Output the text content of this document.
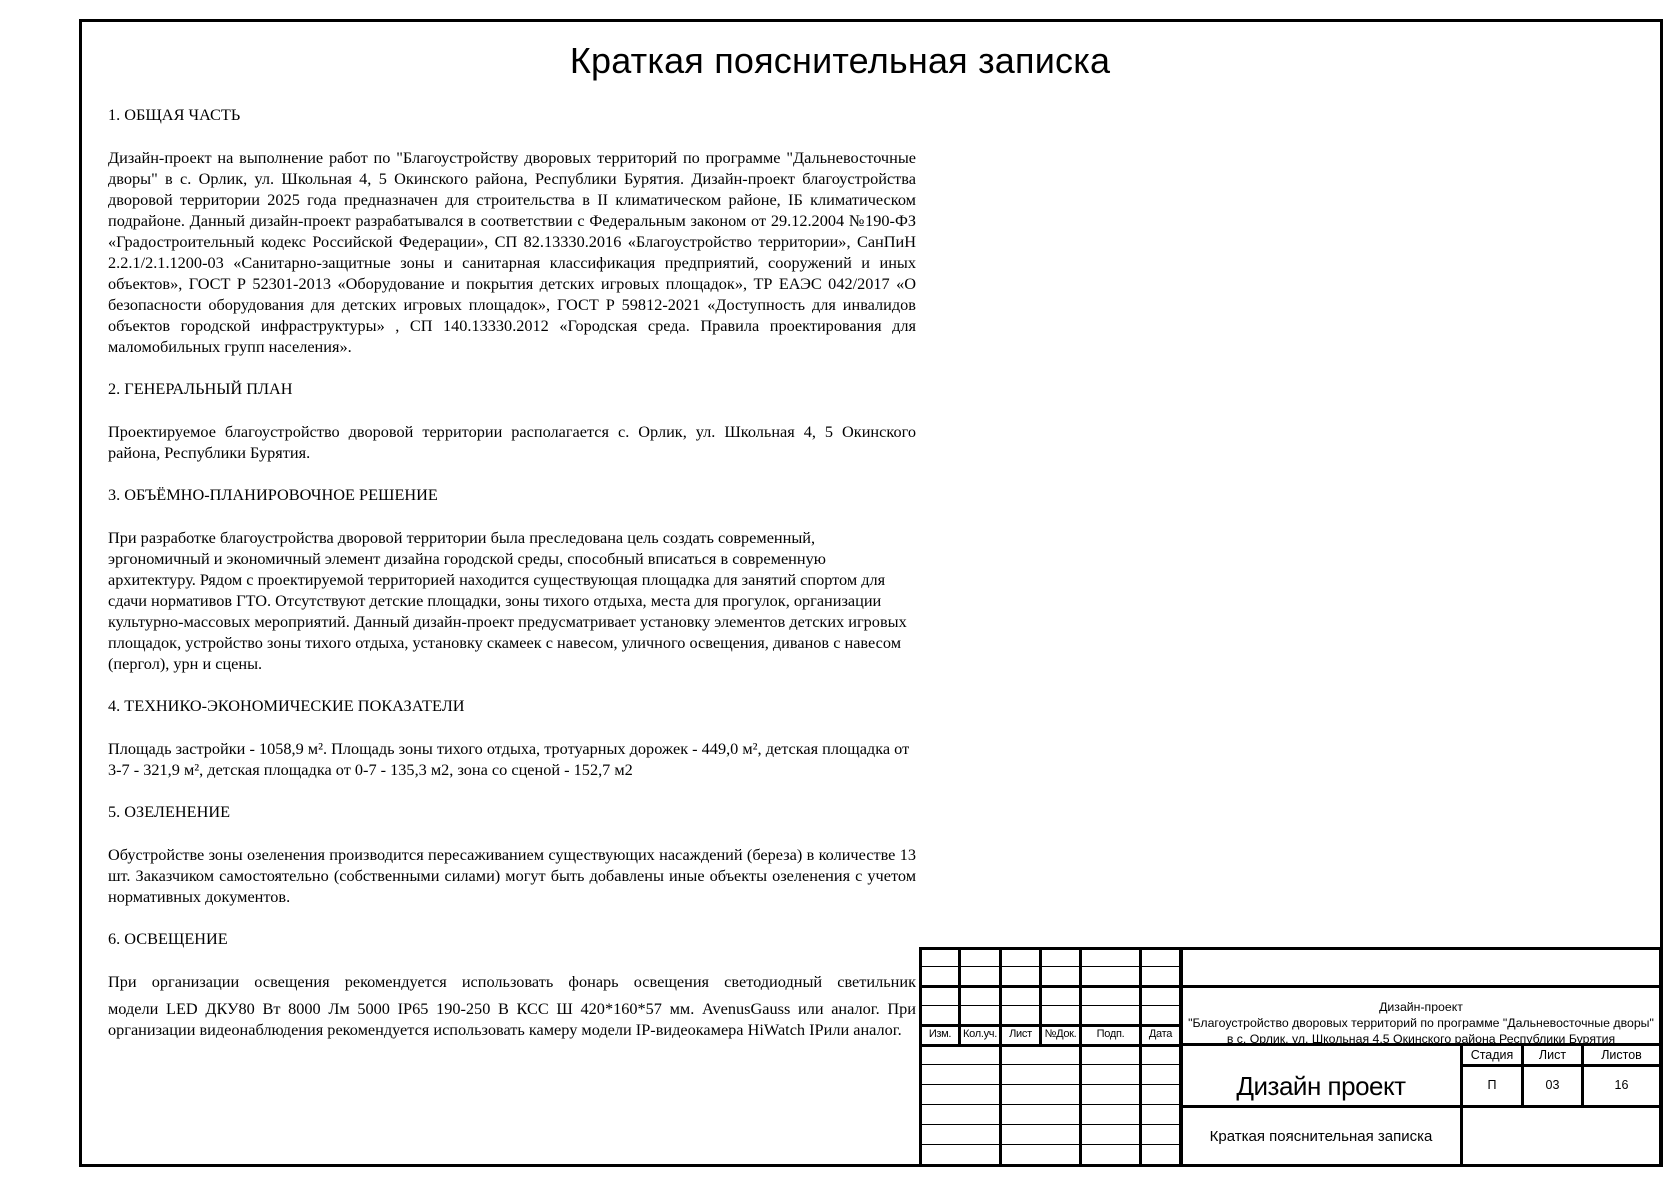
Краткая пояснительная записка
1. ОБЩАЯ ЧАСТЬ

Дизайн-проект на выполнение работ по "Благоустройству дворовых территорий по программе "Дальневосточные дворы" в с. Орлик, ул. Школьная 4, 5 Окинского района, Республики Бурятия. Дизайн-проект благоустройства дворовой территории 2025 года предназначен для строительства в II климатическом районе, IБ климатическом подрайоне. Данный дизайн-проект разрабатывался в соответствии с Федеральным законом от 29.12.2004 №190-ФЗ «Градостроительный кодекс Российской Федерации», СП 82.13330.2016 «Благоустройство территории», СанПиН 2.2.1/2.1.1200-03 «Санитарно-защитные зоны и санитарная классификация предприятий, сооружений и иных объектов», ГОСТ Р 52301-2013 «Оборудование и покрытия детских игровых площадок», ТР ЕАЭС 042/2017 «О безопасности оборудования для детских игровых площадок», ГОСТ Р 59812-2021 «Доступность для инвалидов объектов городской инфраструктуры» , СП 140.13330.2012 «Городская среда. Правила проектирования для маломобильных групп населения».

2. ГЕНЕРАЛЬНЫЙ ПЛАН

Проектируемое благоустройство дворовой территории располагается с. Орлик, ул. Школьная 4, 5 Окинского района, Республики Бурятия.

3. ОБЪЁМНО-ПЛАНИРОВОЧНОЕ РЕШЕНИЕ

При разработке благоустройства дворовой территории была преследована цель создать современный, эргономичный и экономичный элемент дизайна городской среды, способный вписаться в современную архитектуру. Рядом с проектируемой территорией находится существующая площадка для занятий спортом для сдачи нормативов ГТО. Отсутствуют детские площадки, зоны тихого отдыха, места для прогулок, организации культурно-массовых мероприятий. Данный дизайн-проект предусматривает установку элементов детских игровых площадок, устройство зоны тихого отдыха, установку скамеек с навесом, уличного освещения, диванов с навесом (пергол), урн и сцены.

4. ТЕХНИКО-ЭКОНОМИЧЕСКИЕ ПОКАЗАТЕЛИ

Площадь застройки - 1058,9 м². Площадь зоны тихого отдыха, тротуарных дорожек - 449,0 м², детская площадка от 3-7 - 321,9 м², детская площадка от 0-7 - 135,3 м2, зона со сценой - 152,7 м2

5. ОЗЕЛЕНЕНИЕ

Обустройстве зоны озеленения производится пересаживанием существующих насаждений (береза) в количестве 13 шт. Заказчиком самостоятельно (собственными силами) могут быть добавлены иные объекты озеленения с учетом нормативных документов.

6. ОСВЕЩЕНИЕ

При организации освещения рекомендуется использовать фонарь освещения светодиодный светильник

модели LED ДКУ80 Вт 8000 Лм 5000 IP65 190-250 В КСС Ш 420*160*57 мм. AvenusGauss или аналог. При организации видеонаблюдения рекомендуется использовать камеру модели IP-видеокамера HiWatch IPили аналог.	Изм.	Кол.уч.	Лист	№Док.	Подп.	Дата
Дизайн-проект
"Благоустройство дворовых территорий по программе "Дальневосточные дворы"
в с. Орлик, ул. Школьная 4,5 Окинского района Республики Бурятия
Дизайн проект
Краткая пояснительная записка
Стадия	Лист	Листов
П	03	16
